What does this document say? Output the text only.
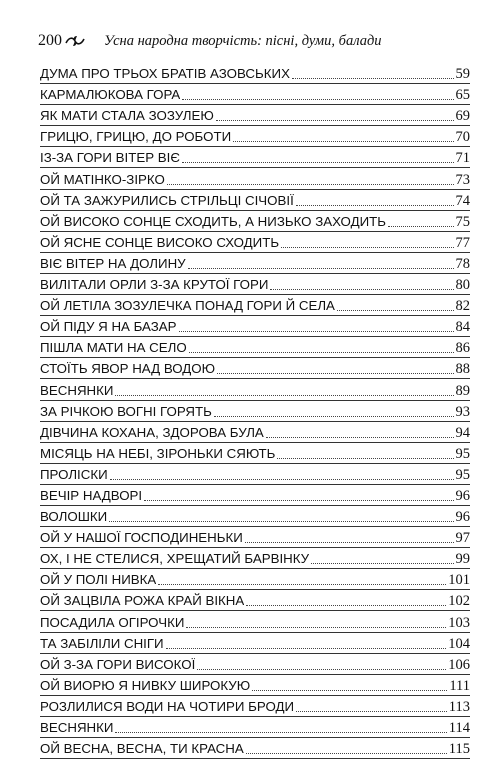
200	Усна народна творчість: пісні, думи, балади
ДУМА ПРО ТРЬОХ БРАТІВ АЗОВСЬКИХ	59
КАРМАЛЮКОВА ГОРА	65
ЯК МАТИ СТАЛА ЗОЗУЛЕЮ	69
ГРИЦЮ, ГРИЦЮ, ДО РОБОТИ	70
ІЗ-ЗА ГОРИ ВІТЕР ВІЄ	71
ОЙ МАТІНКО-ЗІРКО	73
ОЙ ТА ЗАЖУРИЛИСЬ СТРІЛЬЦІ СІЧОВІЇ	74
ОЙ ВИСОКО СОНЦЕ СХОДИТЬ, А НИЗЬКО ЗАХОДИТЬ	75
ОЙ ЯСНЕ СОНЦЕ ВИСОКО СХОДИТЬ	77
ВІЄ ВІТЕР НА ДОЛИНУ	78
ВИЛІТАЛИ ОРЛИ З-ЗА КРУТОЇ ГОРИ	80
ОЙ ЛЕТІЛА ЗОЗУЛЕЧКА ПОНАД ГОРИ Й СЕЛА	82
ОЙ ПІДУ Я НА БАЗАР	84
ПІШЛА МАТИ НА СЕЛО	86
СТОЇТЬ ЯВОР НАД ВОДОЮ	88
ВЕСНЯНКИ	89
ЗА РІЧКОЮ ВОГНІ ГОРЯТЬ	93
ДІВЧИНА КОХАНА, ЗДОРОВА БУЛА	94
МІСЯЦЬ НА НЕБІ, ЗІРОНЬКИ СЯЮТЬ	95
ПРОЛІСКИ	95
ВЕЧІР НАДВОРІ	96
ВОЛОШКИ	96
ОЙ У НАШОЇ ГОСПОДИНЕНЬКИ	97
ОХ, І НЕ СТЕЛИСЯ, ХРЕЩАТИЙ БАРВІНКУ	99
ОЙ У ПОЛІ НИВКА	101
ОЙ ЗАЦВІЛА РОЖА КРАЙ ВІКНА	102
ПОСАДИЛА ОГІРОЧКИ	103
ТА ЗАБІЛІЛИ СНІГИ	104
ОЙ З-ЗА ГОРИ ВИСОКОЇ	106
ОЙ ВИОРЮ Я НИВКУ ШИРОКУЮ	111
РОЗЛИЛИСЯ ВОДИ НА ЧОТИРИ БРОДИ	113
ВЕСНЯНКИ	114
ОЙ ВЕСНА, ВЕСНА, ТИ КРАСНА	115
